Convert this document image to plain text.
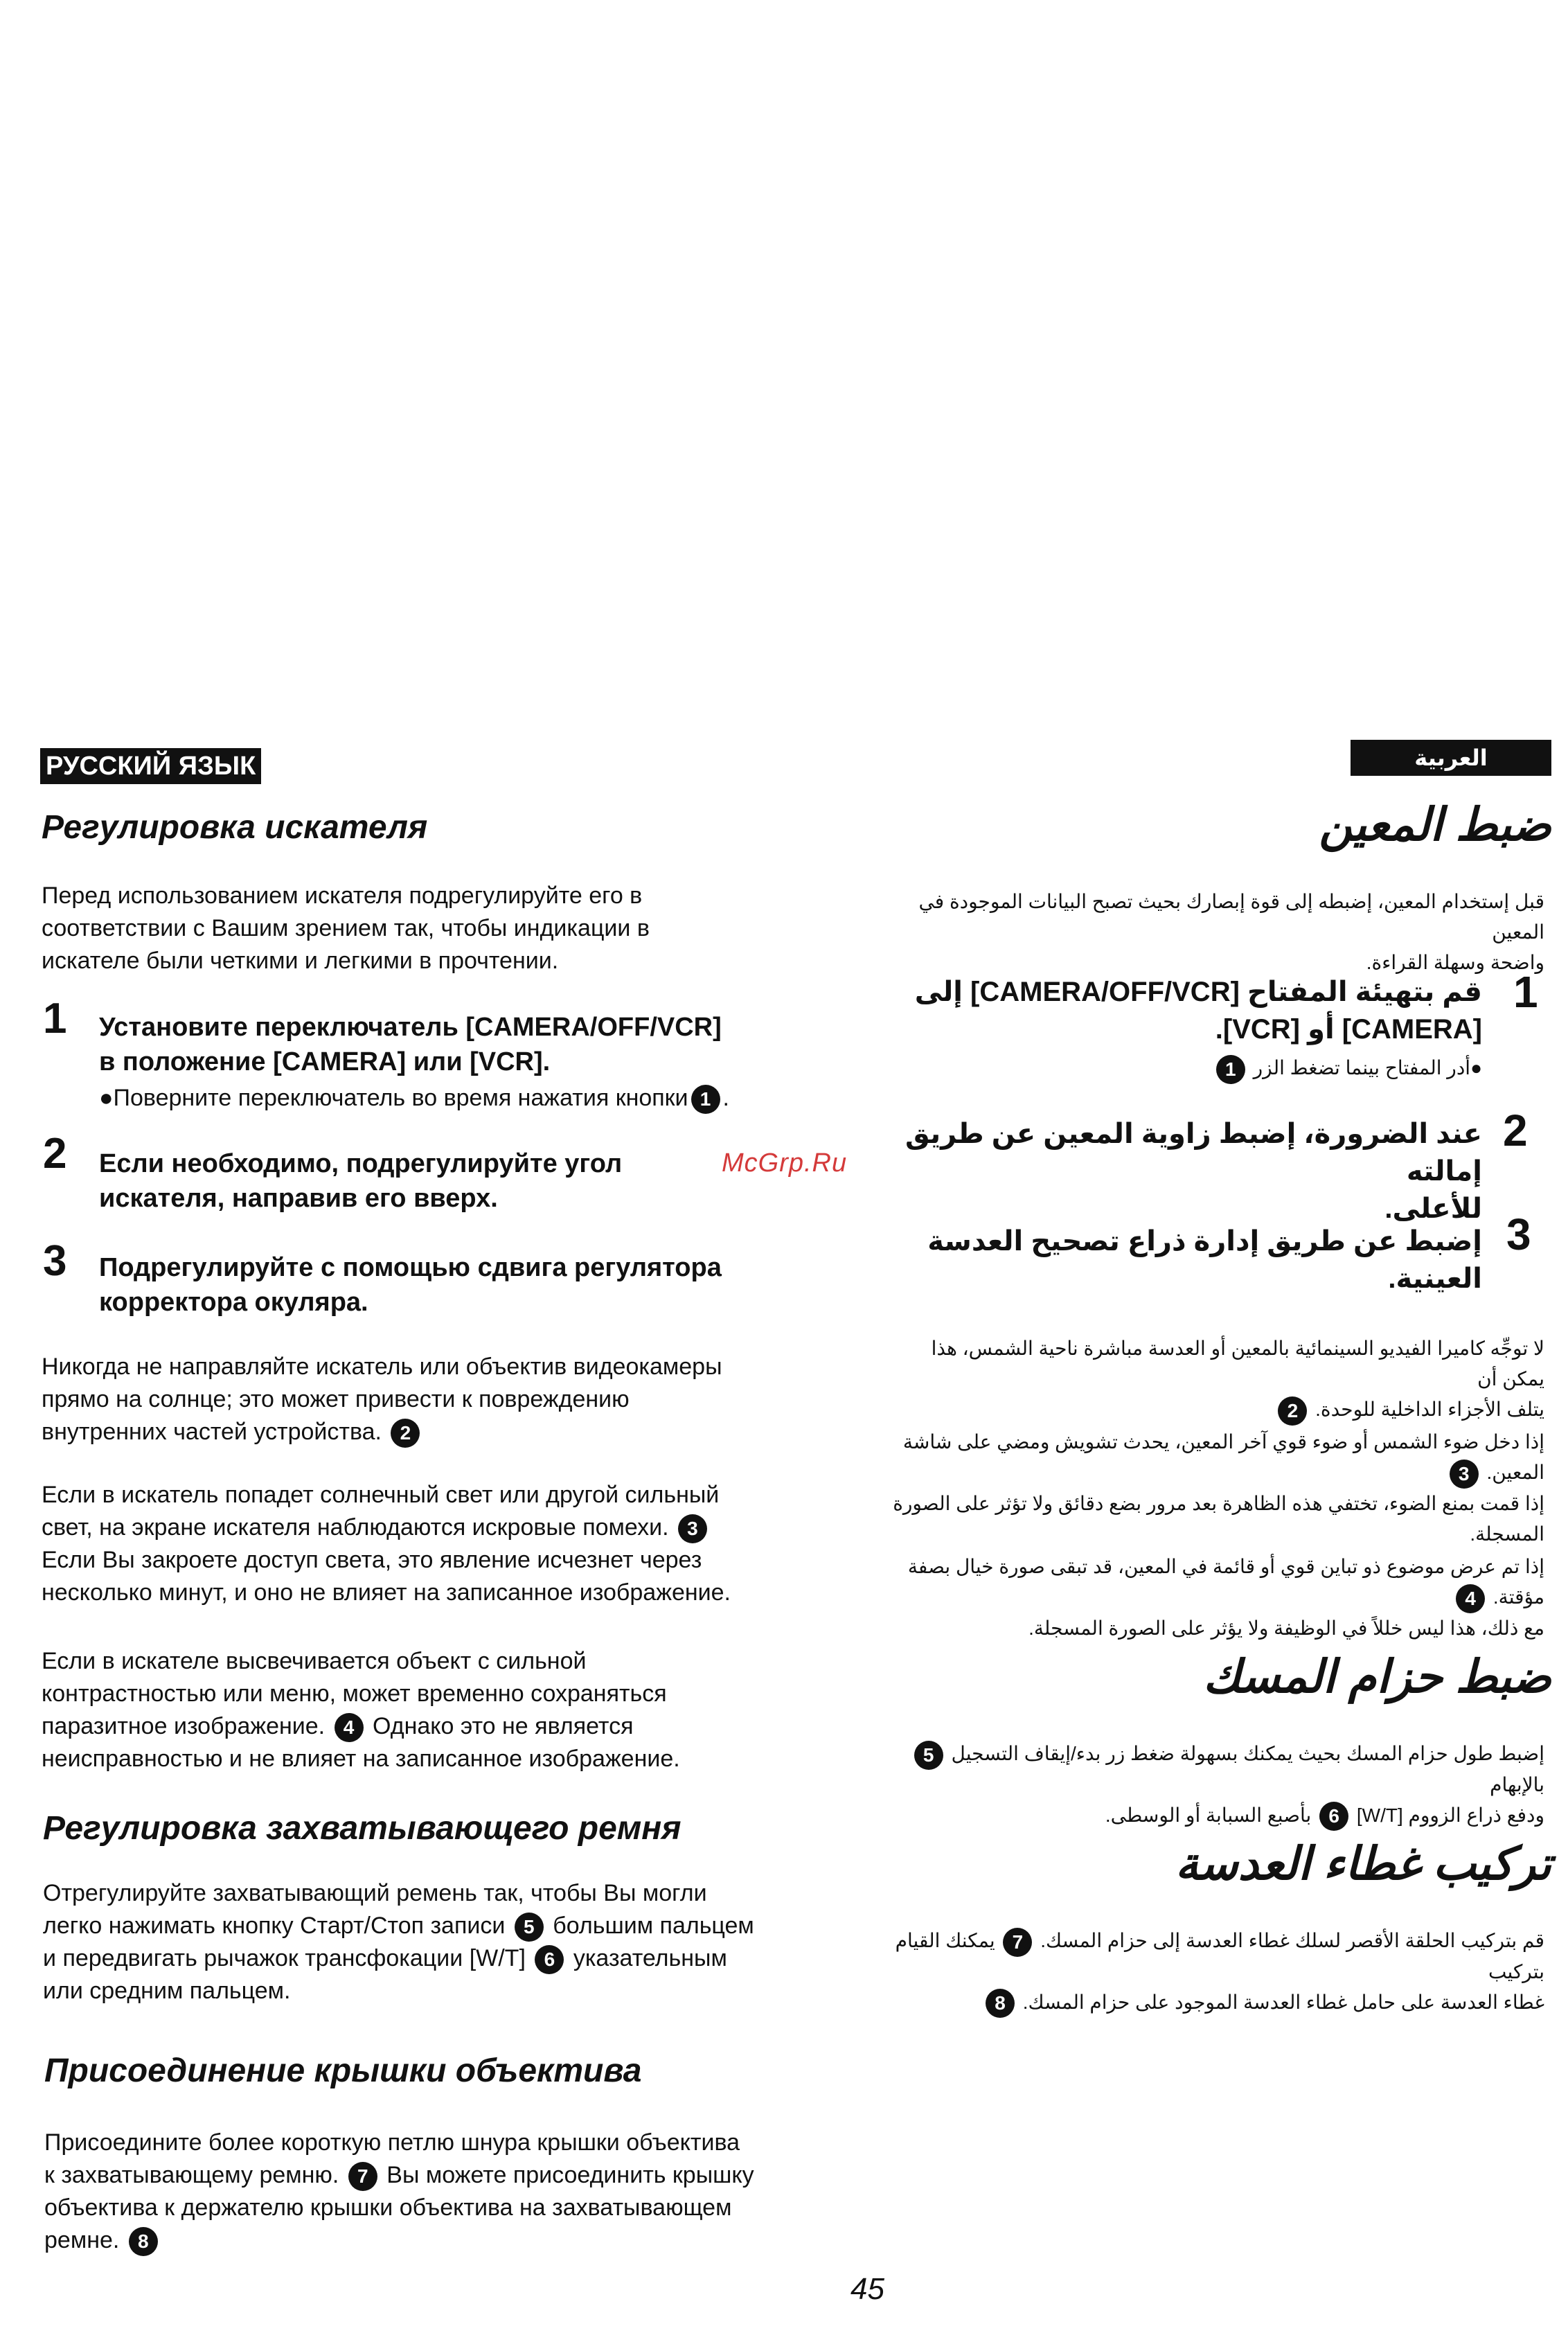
РУССКИЙ ЯЗЫК
Регулировка искателя
Перед использованием искателя подрегулируйте его в
соответствии с Вашим зрением так, чтобы индикации в
искателе были четкими и легкими в прочтении.
1 Установите переключатель [CAMERA/OFF/VCR]
в положение [CAMERA] или [VCR].
●Поверните переключатель во время нажатия кнопки 1 .
2 Если необходимо, подрегулируйте угол
искателя, направив его вверх.
McGrp.Ru
3 Подрегулируйте с помощью сдвига регулятора
корректора окуляра.
Никогда не направляйте искатель или объектив видеокамеры
прямо на солнце; это может привести к повреждению
внутренних частей устройства. 2
Если в искатель попадет солнечный свет или другой сильный
свет, на экране искателя наблюдаются искровые помехи. 3
Если Вы закроете доступ света, это явление исчезнет через
несколько минут, и оно не влияет на записанное изображение.
Если в искателе высвечивается объект с сильной
контрастностью или меню, может временно сохраняться
паразитное изображение. 4 Однако это не является
неисправностью и не влияет на записанное изображение.
Регулировка захватывающего ремня
Отрегулируйте захватывающий ремень так, чтобы Вы могли
легко нажимать кнопку Старт/Стоп записи 5 большим пальцем
и передвигать рычажок трансфокации [W/T] 6 указательным
или средним пальцем.
Присоединение крышки объектива
Присоедините более короткую петлю шнура крышки объектива
к захватывающему ремню. 7 Вы можете присоединить крышку
объектива к держателю крышки объектива на захватывающем
ремне. 8
45
العربية
ضبط المعين
قبل إستخدام المعين، إضبطه إلى قوة إبصارك بحيث تصبح البيانات الموجودة في المعين
واضحة وسهلة القراءة.
1
قم بتهيئة المفتاح [CAMERA/OFF/VCR] إلى
[CAMERA] أو [VCR].
●أدر المفتاح بينما تضغط الزر 1
2
عند الضرورة، إضبط زاوية المعين عن طريق إمالته
للأعلى.
3
إضبط عن طريق إدارة ذراع تصحيح العدسة
العينية.
لا توجِّه كاميرا الفيديو السينمائية بالمعين أو العدسة مباشرة ناحية الشمس، هذا يمكن أن
يتلف الأجزاء الداخلية للوحدة. 2
إذا دخل ضوء الشمس أو ضوء قوي آخر المعين، يحدث تشويش ومضي على شاشة المعين. 3
إذا قمت بمنع الضوء، تختفي هذه الظاهرة بعد مرور بضع دقائق ولا تؤثر على الصورة
المسجلة.
إذا تم عرض موضوع ذو تباين قوي أو قائمة في المعين، قد تبقى صورة خيال بصفة مؤقتة. 4
مع ذلك، هذا ليس خللاً في الوظيفة ولا يؤثر على الصورة المسجلة.
ضبط حزام المسك
إضبط طول حزام المسك بحيث يمكنك بسهولة ضغط زر بدء/إيقاف التسجيل 5 بالإبهام
ودفع ذراع الزووم [W/T] 6 بأصبع السبابة أو الوسطى.
تركيب غطاء العدسة
قم بتركيب الحلقة الأقصر لسلك غطاء العدسة إلى حزام المسك. 7 يمكنك القيام بتركيب
غطاء العدسة على حامل غطاء العدسة الموجود على حزام المسك. 8
